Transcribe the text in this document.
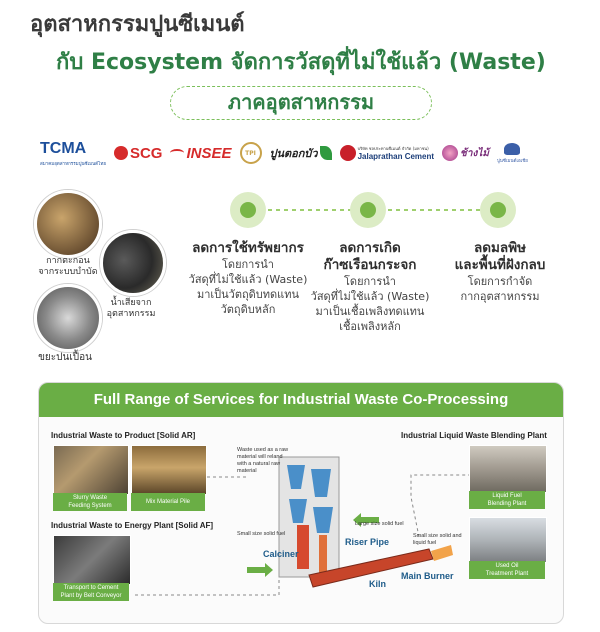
อุตสาหกรรมปูนซีเมนต์
กับ Ecosystem จัดการวัสดุที่ไม่ใช้แล้ว (Waste)
ภาคอุตสาหกรรม
TCMA
สมาคมอุตสาหกรรมปูนซีเมนต์ไทย
SCG INSEE	TPI	ปูนตอกบัว	บริษัท ชลประทานซีเมนต์ จำกัด (มหาชน)
Jalaprathan Cement	ช้างไม้
ปูนซีเมนต์เอเชีย
กากตะกอน
จากระบบบำบัด
น้ำเสียจาก
อุตสาหกรรม
ขยะปนเปื้อน
ลดการใช้ทรัพยากร
โดยการนำ
วัสดุที่ไม่ใช้แล้ว (Waste)
มาเป็นวัตถุดิบทดแทน
วัตถุดิบหลัก
ลดการเกิด
ก๊าซเรือนกระจก
โดยการนำ
วัสดุที่ไม่ใช้แล้ว (Waste)
มาเป็นเชื้อเพลิงทดแทน
เชื้อเพลิงหลัก
ลดมลพิษ
และพื้นที่ฝังกลบ
โดยการกำจัด
กากอุตสาหกรรม
Full Range of Services for Industrial Waste Co-Processing
Industrial Waste to Product [Solid AR]
Industrial Waste to Energy Plant [Solid AF]
Industrial Liquid Waste Blending Plant
Slurry Waste
Feeding System
Mix Material Pile
Transport to Cement
Plant by Belt Conveyor
Liquid Fuel
Blending Plant
Used Oil
Treatment Plant
Waste used as a raw
material will reland
with a natural raw
material
Small size solid fuel
Large size solid fuel
Small size solid and
liquid fuel
Calciner
Riser Pipe
Kiln
Main Burner
